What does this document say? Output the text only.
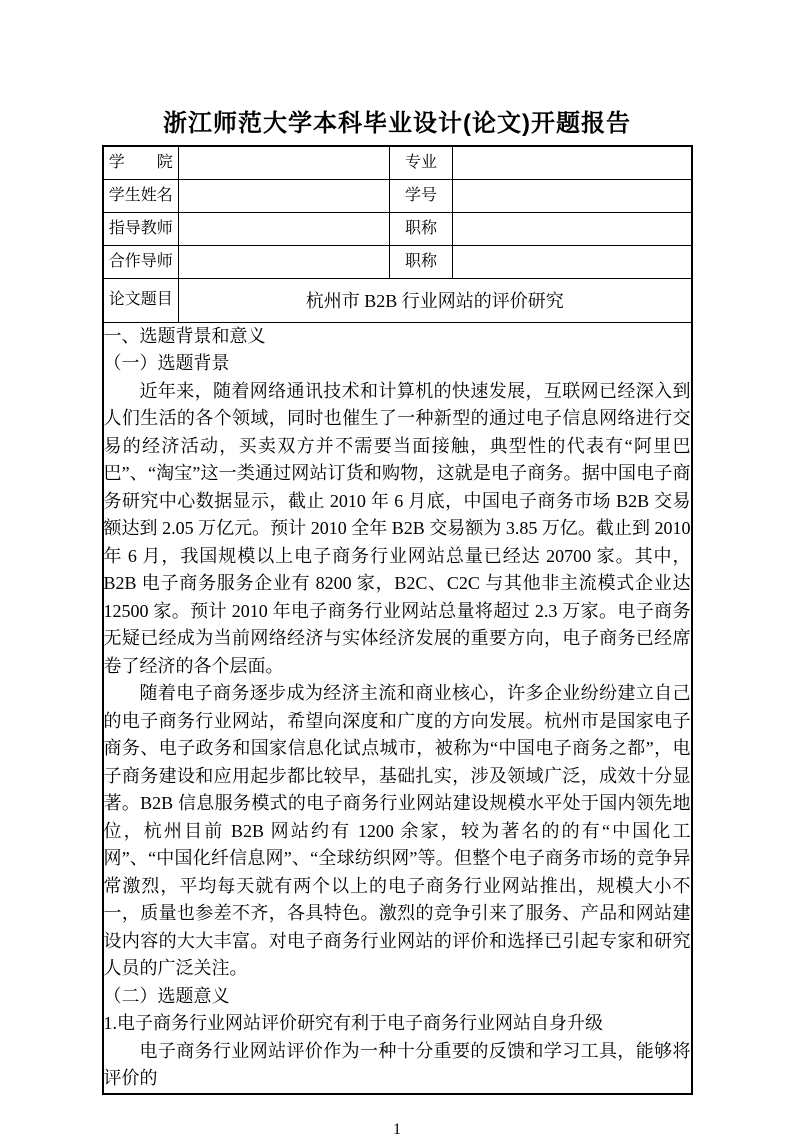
浙江师范大学本科毕业设计(论文)开题报告
学　　院		专业	
学生姓名		学号	
指导教师		职称	
合作导师		职称	
论文题目	杭州市 B2B 行业网站的评价研究		

一、选题背景和意义

（一）选题背景

近年来，随着网络通讯技术和计算机的快速发展，互联网已经深入到人们生活的各个领域，同时也催生了一种新型的通过电子信息网络进行交易的经济活动，买卖双方并不需要当面接触，典型性的代表有“阿里巴巴”、“淘宝”这一类通过网站订货和购物，这就是电子商务。据中国电子商务研究中心数据显示，截止 2010 年 6 月底，中国电子商务市场 B2B 交易额达到 2.05 万亿元。预计 2010 全年 B2B 交易额为 3.85 万亿。截止到 2010 年 6 月，我国规模以上电子商务行业网站总量已经达 20700 家。其中，B2B 电子商务服务企业有 8200 家，B2C、C2C 与其他非主流模式企业达 12500 家。预计 2010 年电子商务行业网站总量将超过 2.3 万家。电子商务无疑已经成为当前网络经济与实体经济发展的重要方向，电子商务已经席卷了经济的各个层面。

随着电子商务逐步成为经济主流和商业核心，许多企业纷纷建立自己的电子商务行业网站，希望向深度和广度的方向发展。杭州市是国家电子商务、电子政务和国家信息化试点城市，被称为“中国电子商务之都”，电子商务建设和应用起步都比较早，基础扎实，涉及领域广泛，成效十分显著。B2B 信息服务模式的电子商务行业网站建设规模水平处于国内领先地位，杭州目前 B2B 网站约有 1200 余家，较为著名的的有“中国化工网”、“中国化纤信息网”、“全球纺织网”等。但整个电子商务市场的竞争异常激烈，平均每天就有两个以上的电子商务行业网站推出，规模大小不一，质量也参差不齐，各具特色。激烈的竞争引来了服务、产品和网站建设内容的大大丰富。对电子商务行业网站的评价和选择已引起专家和研究人员的广泛关注。

（二）选题意义

1.电子商务行业网站评价研究有利于电子商务行业网站自身升级

电子商务行业网站评价作为一种十分重要的反馈和学习工具，能够将评价的

1
